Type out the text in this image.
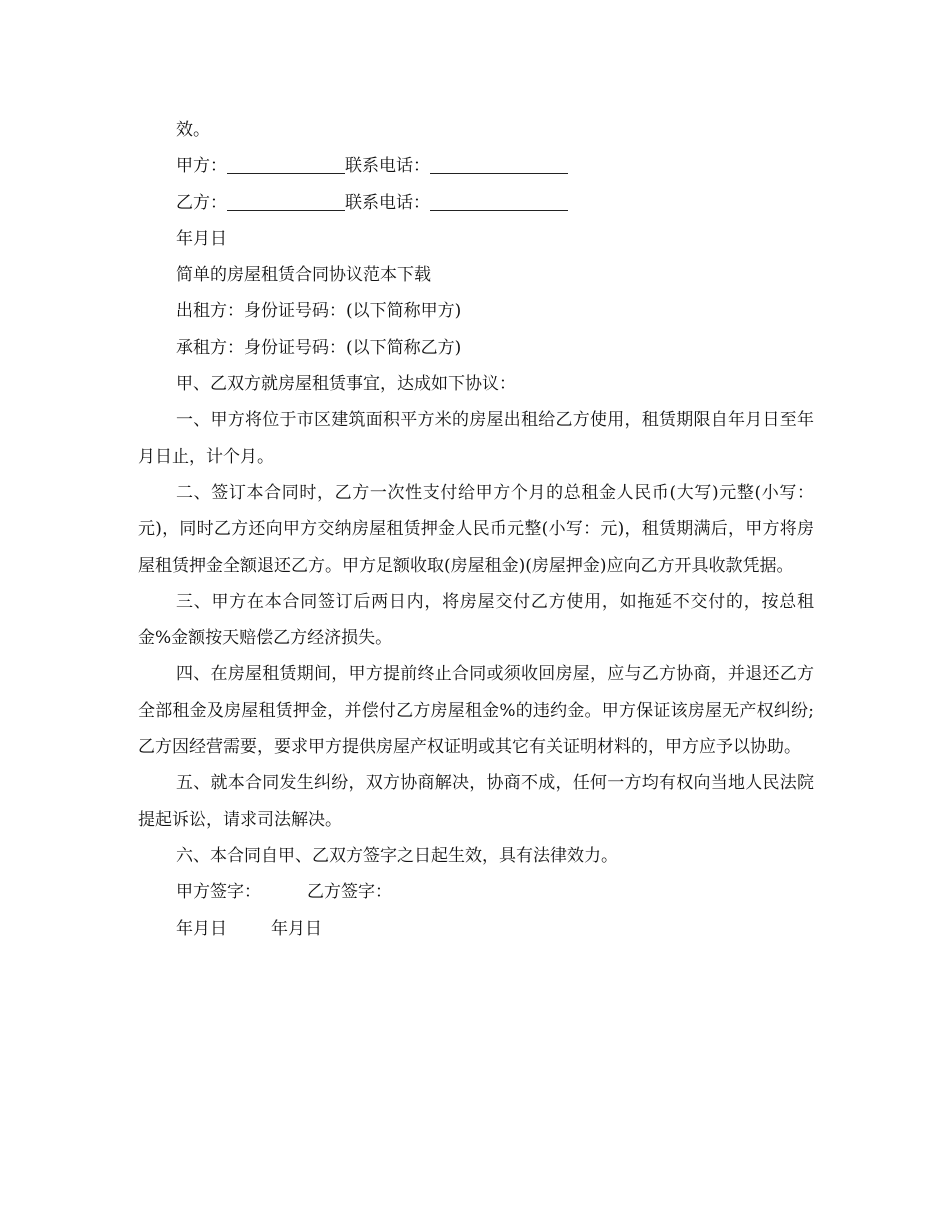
效。

甲方：	联系电话：

乙方：	联系电话：

年月日

简单的房屋租赁合同协议范本下载

出租方：身份证号码：(以下简称甲方)

承租方：身份证号码：(以下简称乙方)

甲、乙双方就房屋租赁事宜，达成如下协议：

一、甲方将位于市区建筑面积平方米的房屋出租给乙方使用，租赁期限自年月日至年月日止，计个月。

二、签订本合同时，乙方一次性支付给甲方个月的总租金人民币(大写)元整(小写：元)，同时乙方还向甲方交纳房屋租赁押金人民币元整(小写：元)，租赁期满后，甲方将房屋租赁押金全额退还乙方。甲方足额收取(房屋租金)(房屋押金)应向乙方开具收款凭据。

三、甲方在本合同签订后两日内，将房屋交付乙方使用，如拖延不交付的，按总租金%金额按天赔偿乙方经济损失。

四、在房屋租赁期间，甲方提前终止合同或须收回房屋，应与乙方协商，并退还乙方全部租金及房屋租赁押金，并偿付乙方房屋租金%的违约金。甲方保证该房屋无产权纠纷;乙方因经营需要，要求甲方提供房屋产权证明或其它有关证明材料的，甲方应予以协助。

五、就本合同发生纠纷，双方协商解决，协商不成，任何一方均有权向当地人民法院提起诉讼，请求司法解决。

六、本合同自甲、乙双方签字之日起生效，具有法律效力。

甲方签字：	乙方签字：

年月日	年月日
